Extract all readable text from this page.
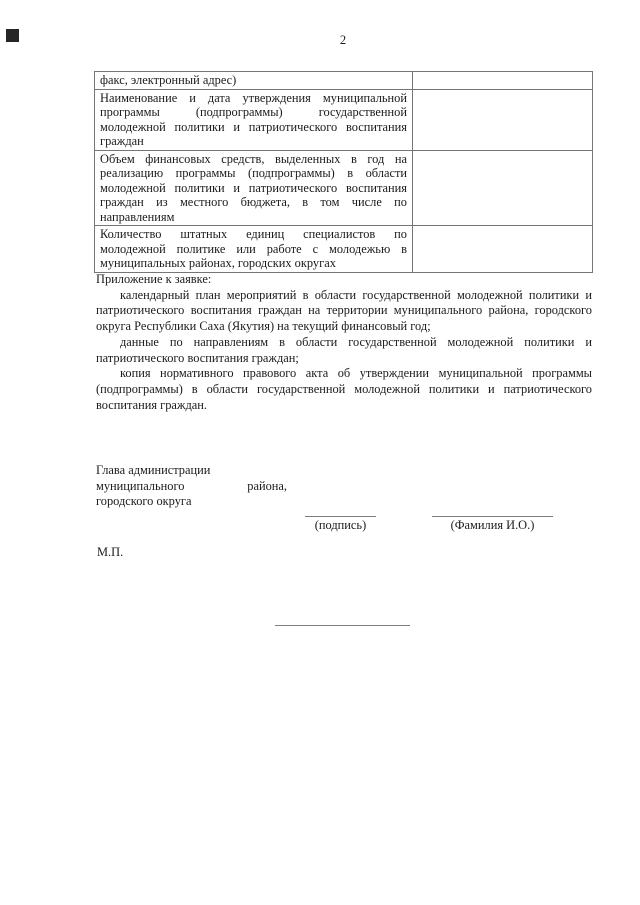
2
факс, электронный адрес)	
Наименование и дата утверждения муниципальной программы (подпрограммы) государственной молодежной политики и патриотического воспитания граждан	
Объем финансовых средств, выделенных в год на реализацию программы (подпрограммы) в области молодежной политики и патриотического воспитания граждан из местного бюджета, в том числе по направлениям	
Количество штатных единиц специалистов по молодежной политике или работе с молодежью в муниципальных районах, городских округах	

Приложение к заявке:

календарный план мероприятий в области государственной молодежной политики и патриотического воспитания граждан на территории муниципального района, городского округа Республики Саха (Якутия) на текущий финансовый год;

данные по направлениям в области государственной молодежной политики и патриотического воспитания граждан;

копия нормативного правового акта об утверждении муниципальной программы (подпрограммы) в области государственной молодежной политики и патриотического воспитания граждан.

Глава администрации
муниципального	района,
городского округа
(подпись)	(Фамилия И.О.)
М.П.
